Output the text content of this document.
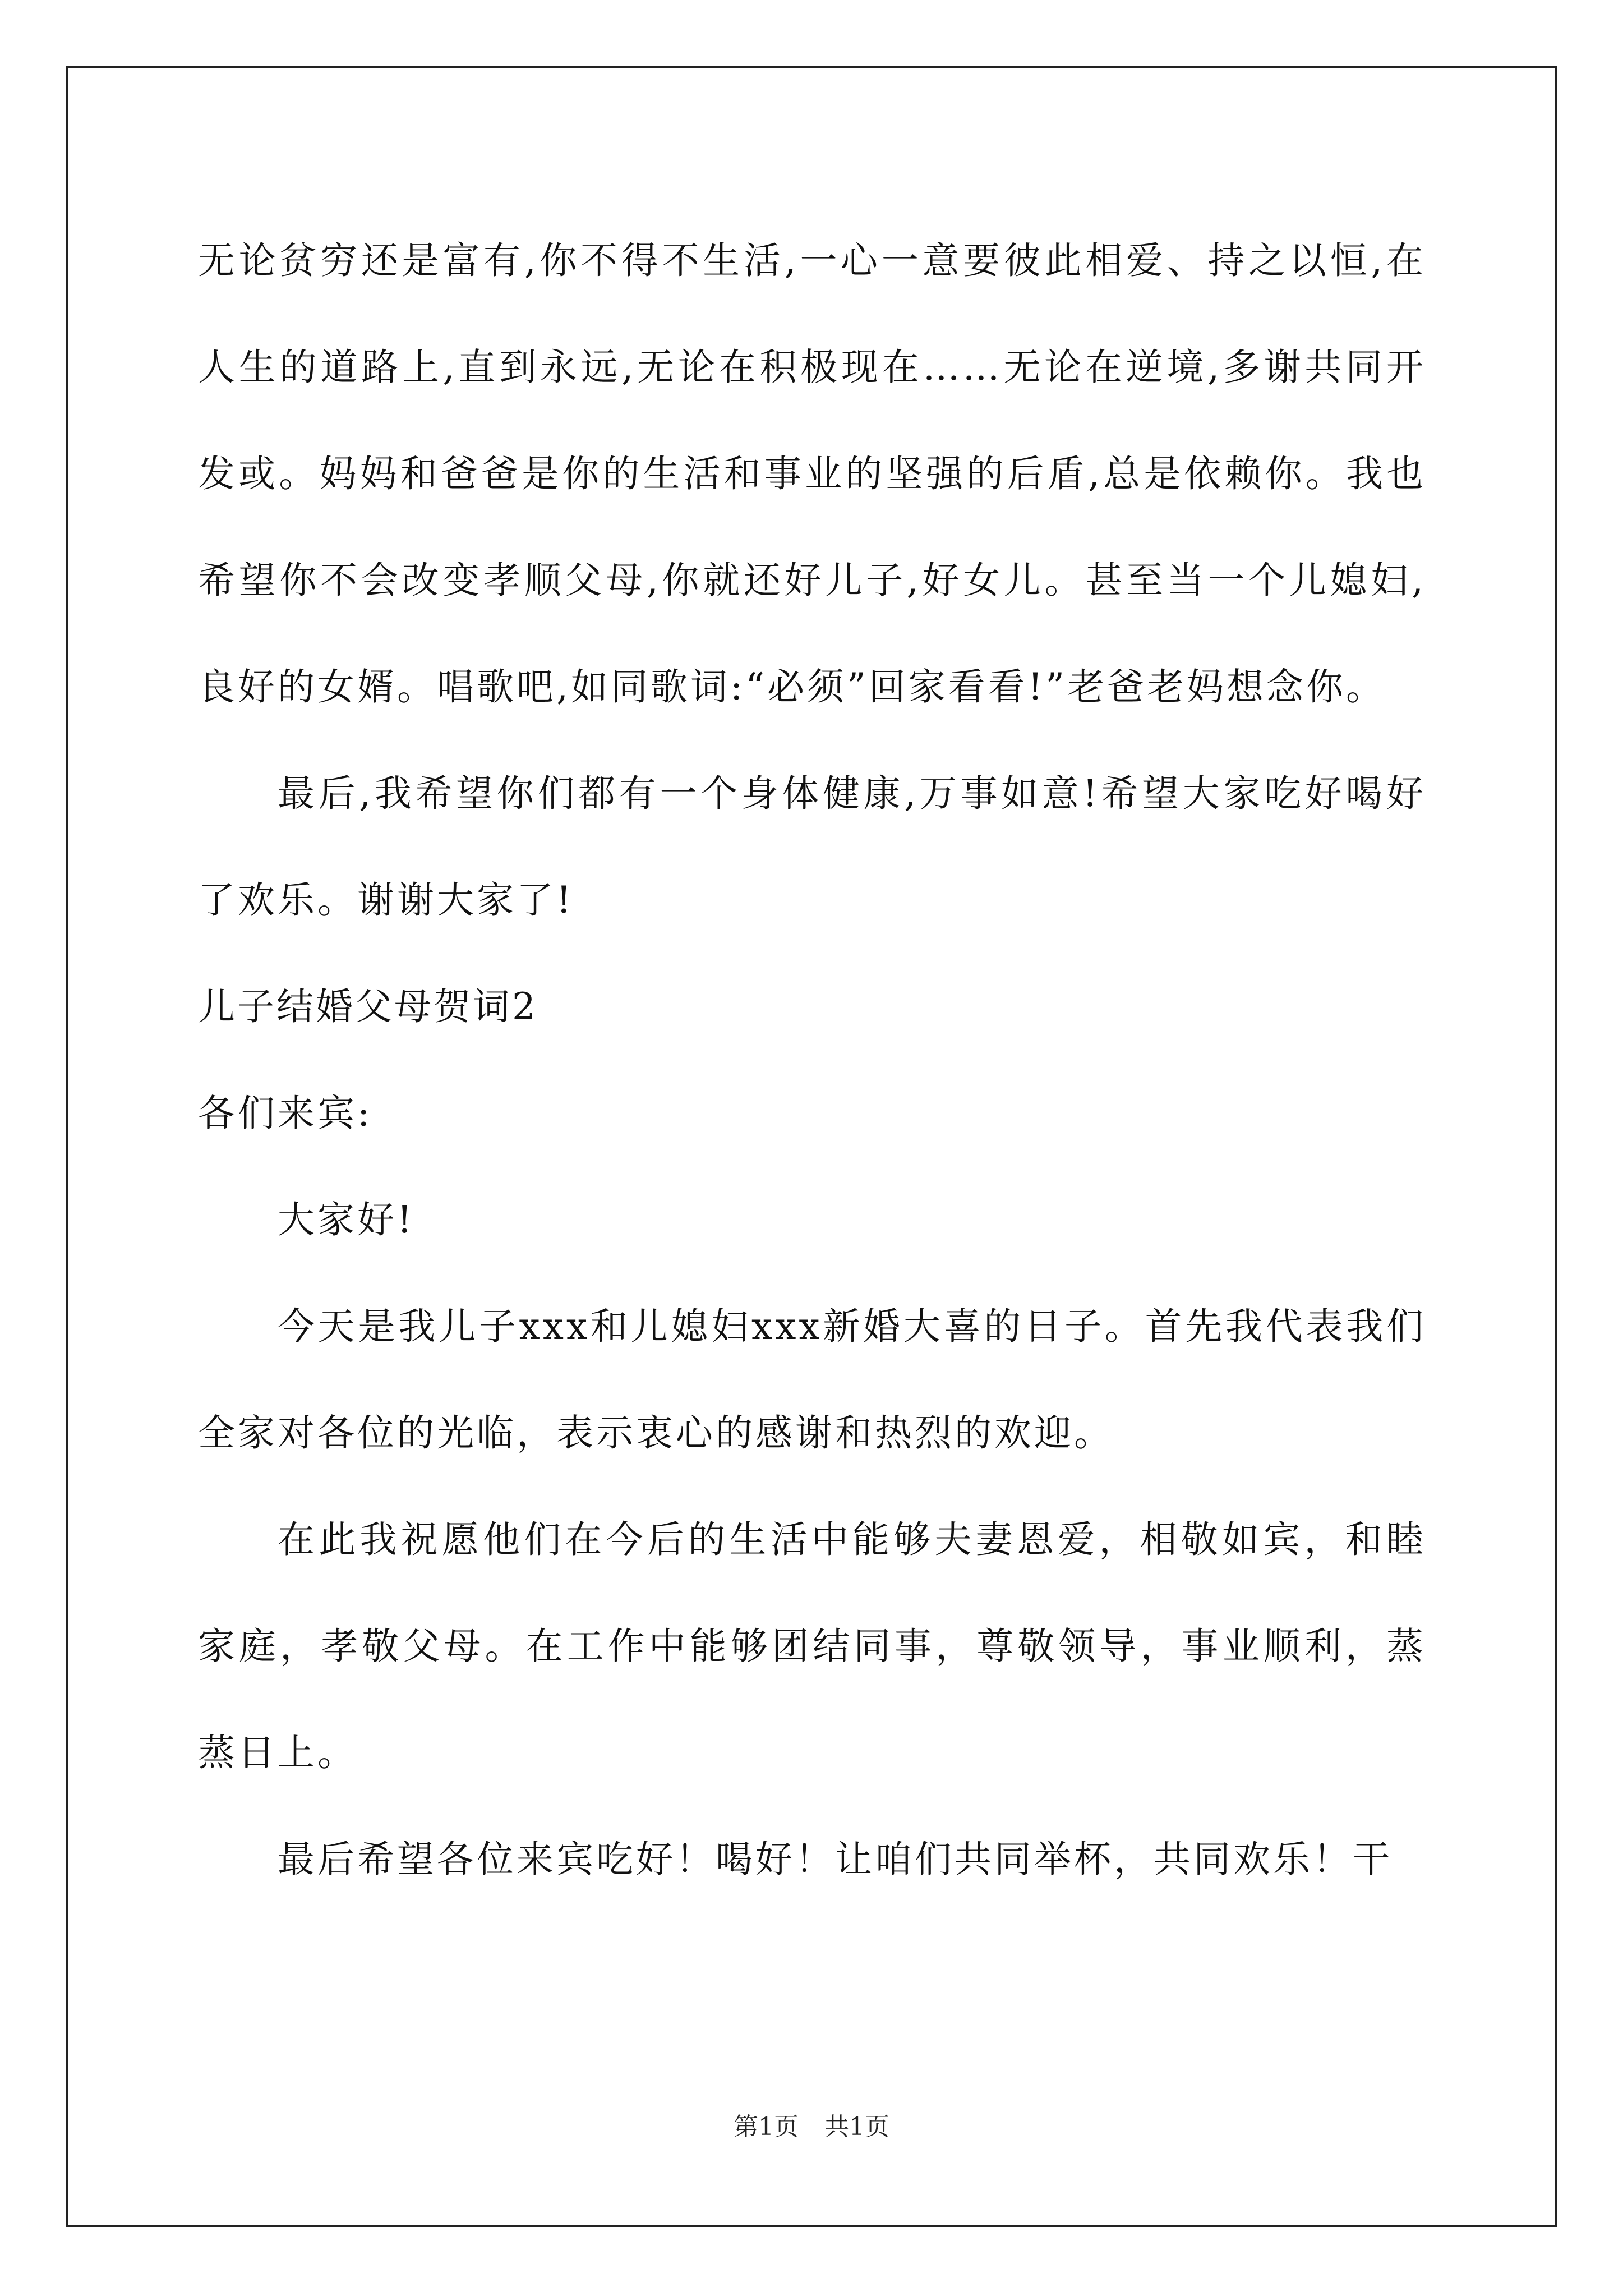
无论贫穷还是富有,你不得不生活,一心一意要彼此相爱、持之以恒,在人生的道路上,直到永远,无论在积极现在……无论在逆境,多谢共同开发或。妈妈和爸爸是你的生活和事业的坚强的后盾,总是依赖你。我也希望你不会改变孝顺父母,你就还好儿子,好女儿。甚至当一个儿媳妇,良好的女婿。唱歌吧,如同歌词:“必须”回家看看!”老爸老妈想念你。

最后,我希望你们都有一个身体健康,万事如意!希望大家吃好喝好了欢乐。谢谢大家了!

儿子结婚父母贺词2

各们来宾:

大家好!

今天是我儿子xxx和儿媳妇xxx新婚大喜的日子。首先我代表我们全家对各位的光临，表示衷心的感谢和热烈的欢迎。

在此我祝愿他们在今后的生活中能够夫妻恩爱，相敬如宾，和睦家庭，孝敬父母。在工作中能够团结同事，尊敬领导，事业顺利，蒸蒸日上。

最后希望各位来宾吃好！喝好！让咱们共同举杯，共同欢乐！干

第1页 共1页
